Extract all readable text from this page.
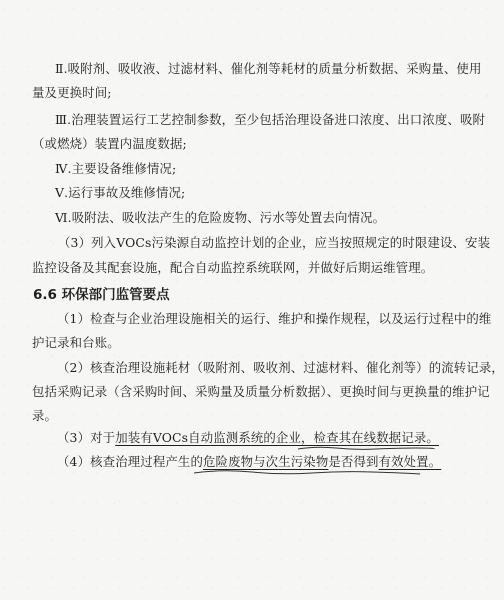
Ⅱ.吸附剂、吸收液、过滤材料、催化剂等耗材的质量分析数据、采购量、使用
量及更换时间;
Ⅲ.治理装置运行工艺控制参数，至少包括治理设备进口浓度、出口浓度、吸附
（或燃烧）装置内温度数据;
Ⅳ.主要设备维修情况;
Ⅴ.运行事故及维修情况;
Ⅵ.吸附法、吸收法产生的危险废物、污水等处置去向情况。
（3）列入VOCs污染源自动监控计划的企业，应当按照规定的时限建设、安装
监控设备及其配套设施，配合自动监控系统联网，并做好后期运维管理。
6.6 环保部门监管要点
（1）检查与企业治理设施相关的运行、维护和操作规程，以及运行过程中的维
护记录和台账。
（2）核查治理设施耗材（吸附剂、吸收剂、过滤材料、催化剂等）的流转记录，
包括采购记录（含采购时间、采购量及质量分析数据）、更换时间与更换量的维护记
录。
（3）对于加装有VOCs自动监测系统的企业，检查其在线数据记录。
（4）核查治理过程产生的危险废物与次生污染物是否得到有效处置。
